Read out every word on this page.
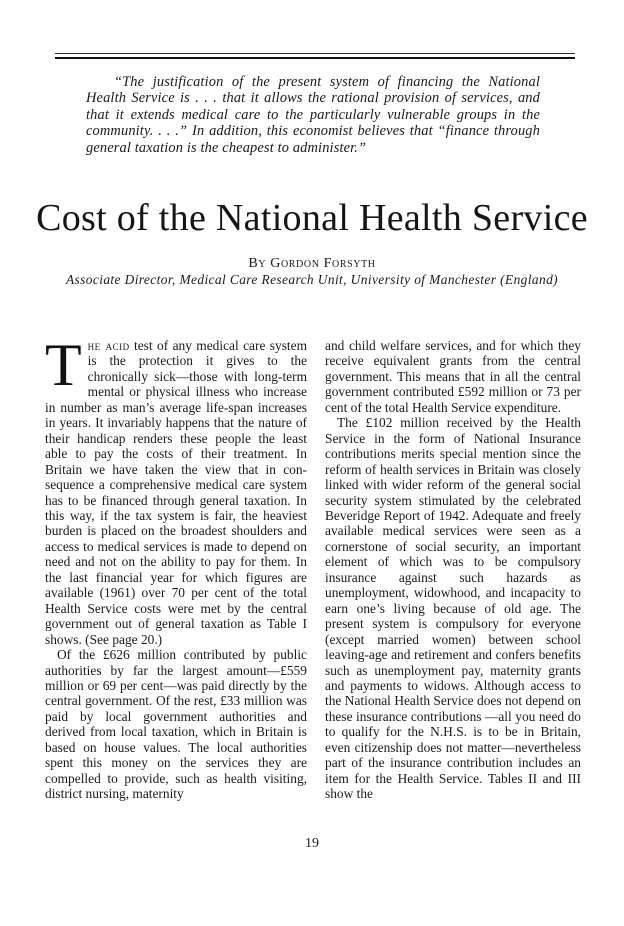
“The justification of the present system of financing the National Health Service is . . . that it allows the rational provision of services, and that it extends medical care to the particularly vulnerable groups in the community. . . .” In addition, this economist believes that “finance through general taxation is the cheapest to administer.”
Cost of the National Health Service
By Gordon Forsyth
Associate Director, Medical Care Research Unit, University of Manchester (England)

The acid test of any medical care system is the protection it gives to the chronically sick—those with long-term mental or physical illness who increase in number as man’s average life-span increases in years. It invariably happens that the nature of their handicap renders these people the least able to pay the costs of their treatment. In Britain we have taken the view that in consequence a comprehensive medical care system has to be financed through general taxation. In this way, if the tax system is fair, the heaviest burden is placed on the broadest shoulders and access to medical services is made to depend on need and not on the ability to pay for them. In the last financial year for which figures are available (1961) over 70 per cent of the total Health Service costs were met by the central government out of general taxation as Table I shows. (See page 20.)

Of the £626 million contributed by public authorities by far the largest amount—£559 million or 69 per cent—was paid directly by the central government. Of the rest, £33 million was paid by local government authorities and derived from local taxation, which in Britain is based on house values. The local authorities spent this money on the services they are compelled to provide, such as health visiting, district nursing, maternity

and child welfare services, and for which they receive equivalent grants from the central government. This means that in all the central government contributed £592 million or 73 per cent of the total Health Service expenditure.

The £102 million received by the Health Service in the form of National Insurance contributions merits special mention since the reform of health services in Britain was closely linked with wider reform of the general social security system stimulated by the celebrated Beveridge Report of 1942. Adequate and freely available medical services were seen as a cornerstone of social security, an important element of which was to be compulsory insurance against such hazards as unemployment, widowhood, and incapacity to earn one’s living because of old age. The present system is compulsory for everyone (except married women) between school leaving-age and retirement and confers benefits such as unemployment pay, maternity grants and payments to widows. Although access to the National Health Service does not depend on these insurance contributions —all you need do to qualify for the N.H.S. is to be in Britain, even citizenship does not matter—nevertheless part of the insurance contribution includes an item for the Health Service. Tables II and III show the

19
